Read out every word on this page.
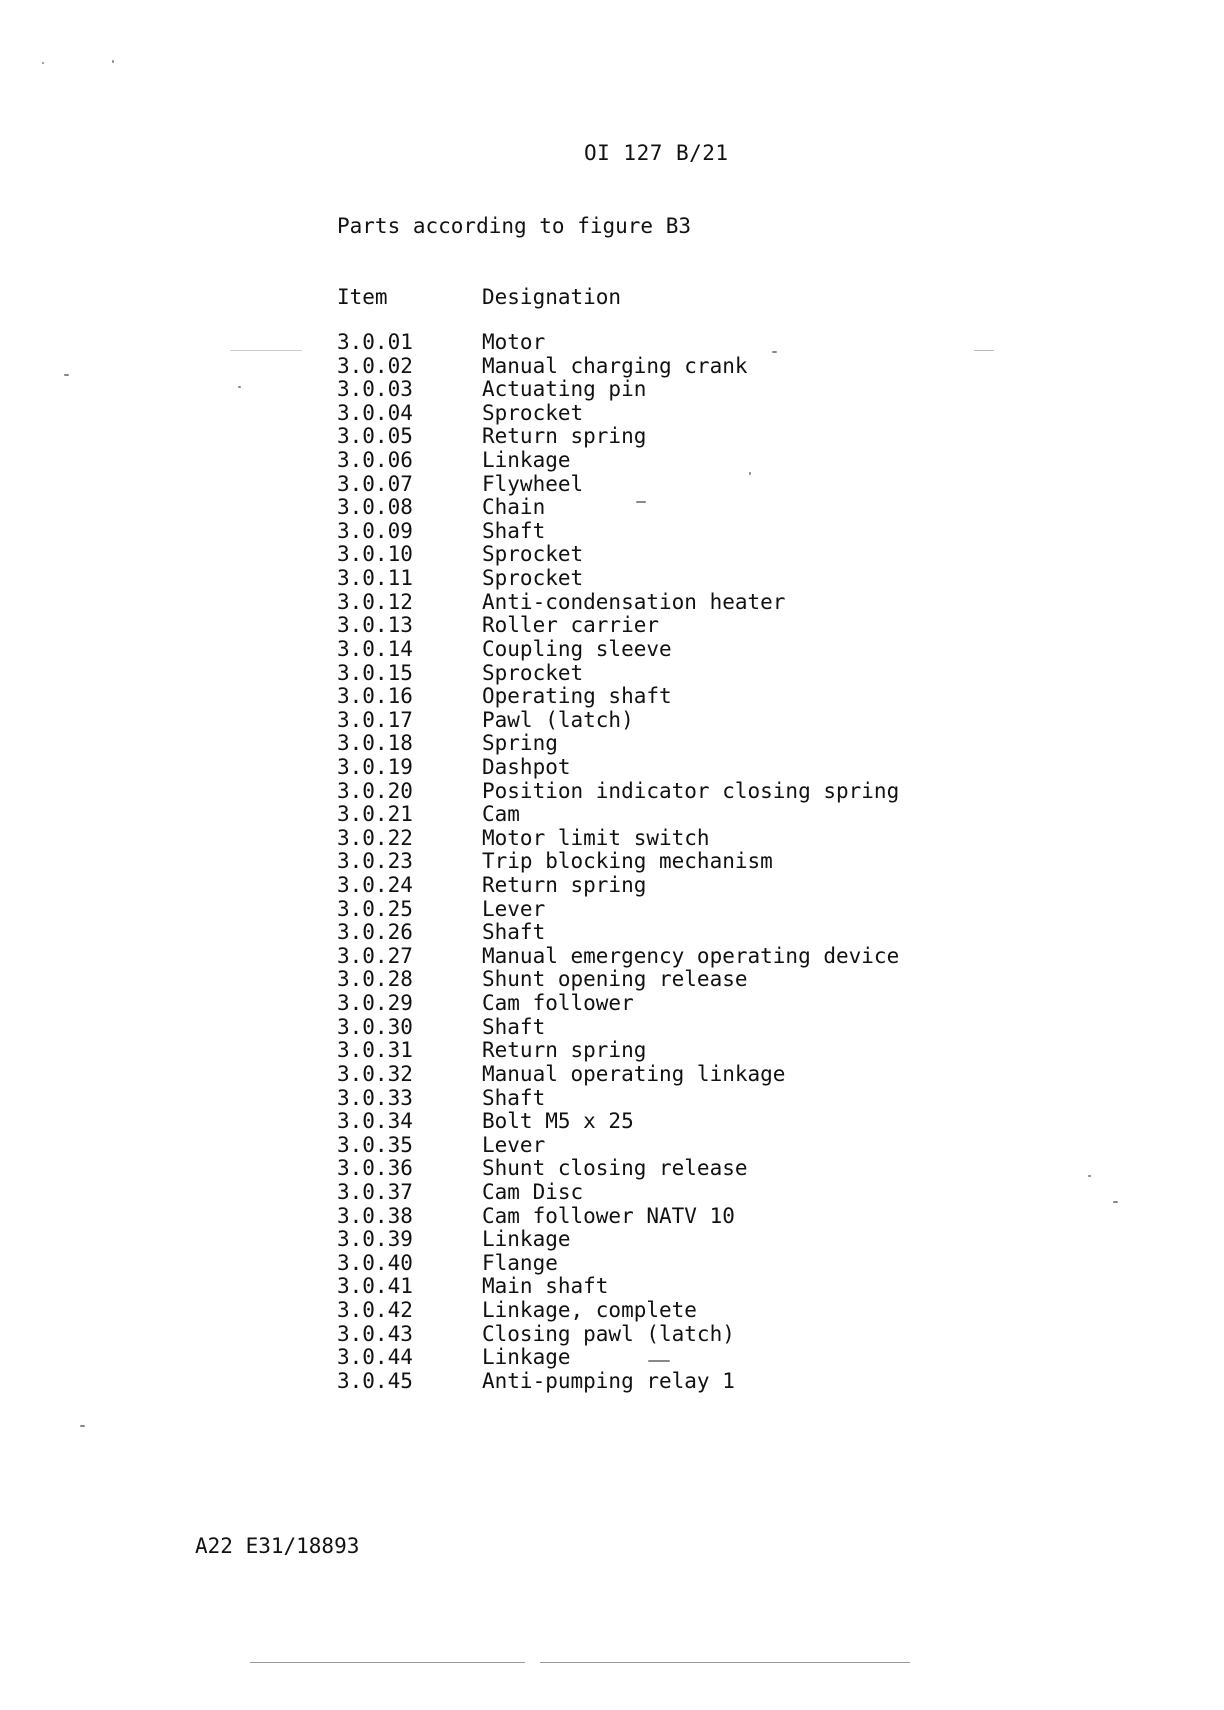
OI 127 B/21
Parts according to figure B3
Item	Designation
3.0.01	Motor
3.0.02	Manual charging crank
3.0.03	Actuating pin
3.0.04	Sprocket
3.0.05	Return spring
3.0.06	Linkage
3.0.07	Flywheel
3.0.08	Chain
3.0.09	Shaft
3.0.10	Sprocket
3.0.11	Sprocket
3.0.12	Anti-condensation heater
3.0.13	Roller carrier
3.0.14	Coupling sleeve
3.0.15	Sprocket
3.0.16	Operating shaft
3.0.17	Pawl (latch)
3.0.18	Spring
3.0.19	Dashpot
3.0.20	Position indicator closing spring
3.0.21	Cam
3.0.22	Motor limit switch
3.0.23	Trip blocking mechanism
3.0.24	Return spring
3.0.25	Lever
3.0.26	Shaft
3.0.27	Manual emergency operating device
3.0.28	Shunt opening release
3.0.29	Cam follower
3.0.30	Shaft
3.0.31	Return spring
3.0.32	Manual operating linkage
3.0.33	Shaft
3.0.34	Bolt M5 x 25
3.0.35	Lever
3.0.36	Shunt closing release
3.0.37	Cam Disc
3.0.38	Cam follower NATV 10
3.0.39	Linkage
3.0.40	Flange
3.0.41	Main shaft
3.0.42	Linkage, complete
3.0.43	Closing pawl (latch)
3.0.44	Linkage
3.0.45	Anti-pumping relay 1
A22 E31/18893
